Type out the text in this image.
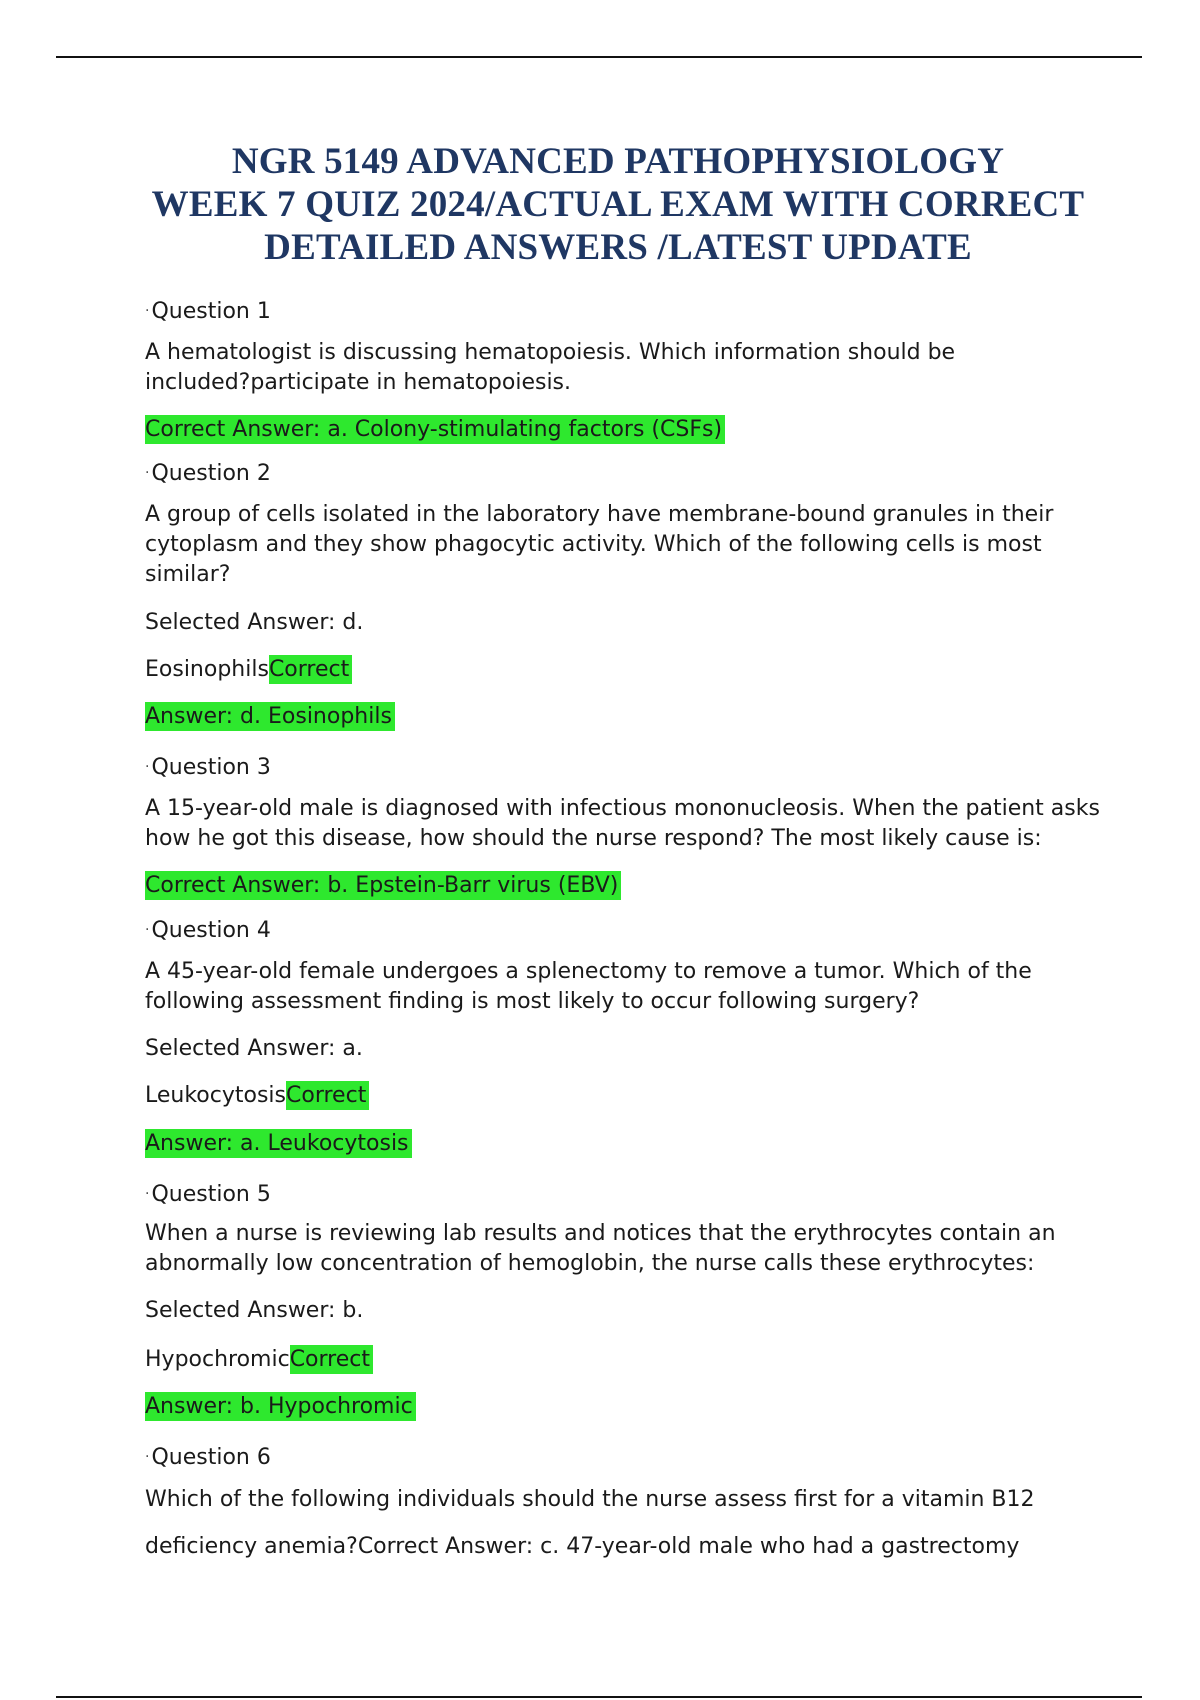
NGR 5149 ADVANCED PATHOPHYSIOLOGY
WEEK 7 QUIZ 2024/ACTUAL EXAM WITH CORRECT
DETAILED ANSWERS /LATEST UPDATE
·Question 1
A hematologist is discussing hematopoiesis. Which information should be
included?participate in hematopoiesis.
Correct Answer: a. Colony-stimulating factors (CSFs)
·Question 2
A group of cells isolated in the laboratory have membrane-bound granules in their
cytoplasm and they show phagocytic activity. Which of the following cells is most
similar?
Selected Answer: d.
EosinophilsCorrect
Answer: d. Eosinophils
·Question 3
A 15-year-old male is diagnosed with infectious mononucleosis. When the patient asks
how he got this disease, how should the nurse respond? The most likely cause is:
Correct Answer: b. Epstein-Barr virus (EBV)
·Question 4
A 45-year-old female undergoes a splenectomy to remove a tumor. Which of the
following assessment finding is most likely to occur following surgery?
Selected Answer: a.
LeukocytosisCorrect
Answer: a. Leukocytosis
·Question 5
When a nurse is reviewing lab results and notices that the erythrocytes contain an
abnormally low concentration of hemoglobin, the nurse calls these erythrocytes:
Selected Answer: b.
HypochromicCorrect
Answer: b. Hypochromic
·Question 6
Which of the following individuals should the nurse assess first for a vitamin B12
deficiency anemia?Correct Answer: c. 47-year-old male who had a gastrectomy
